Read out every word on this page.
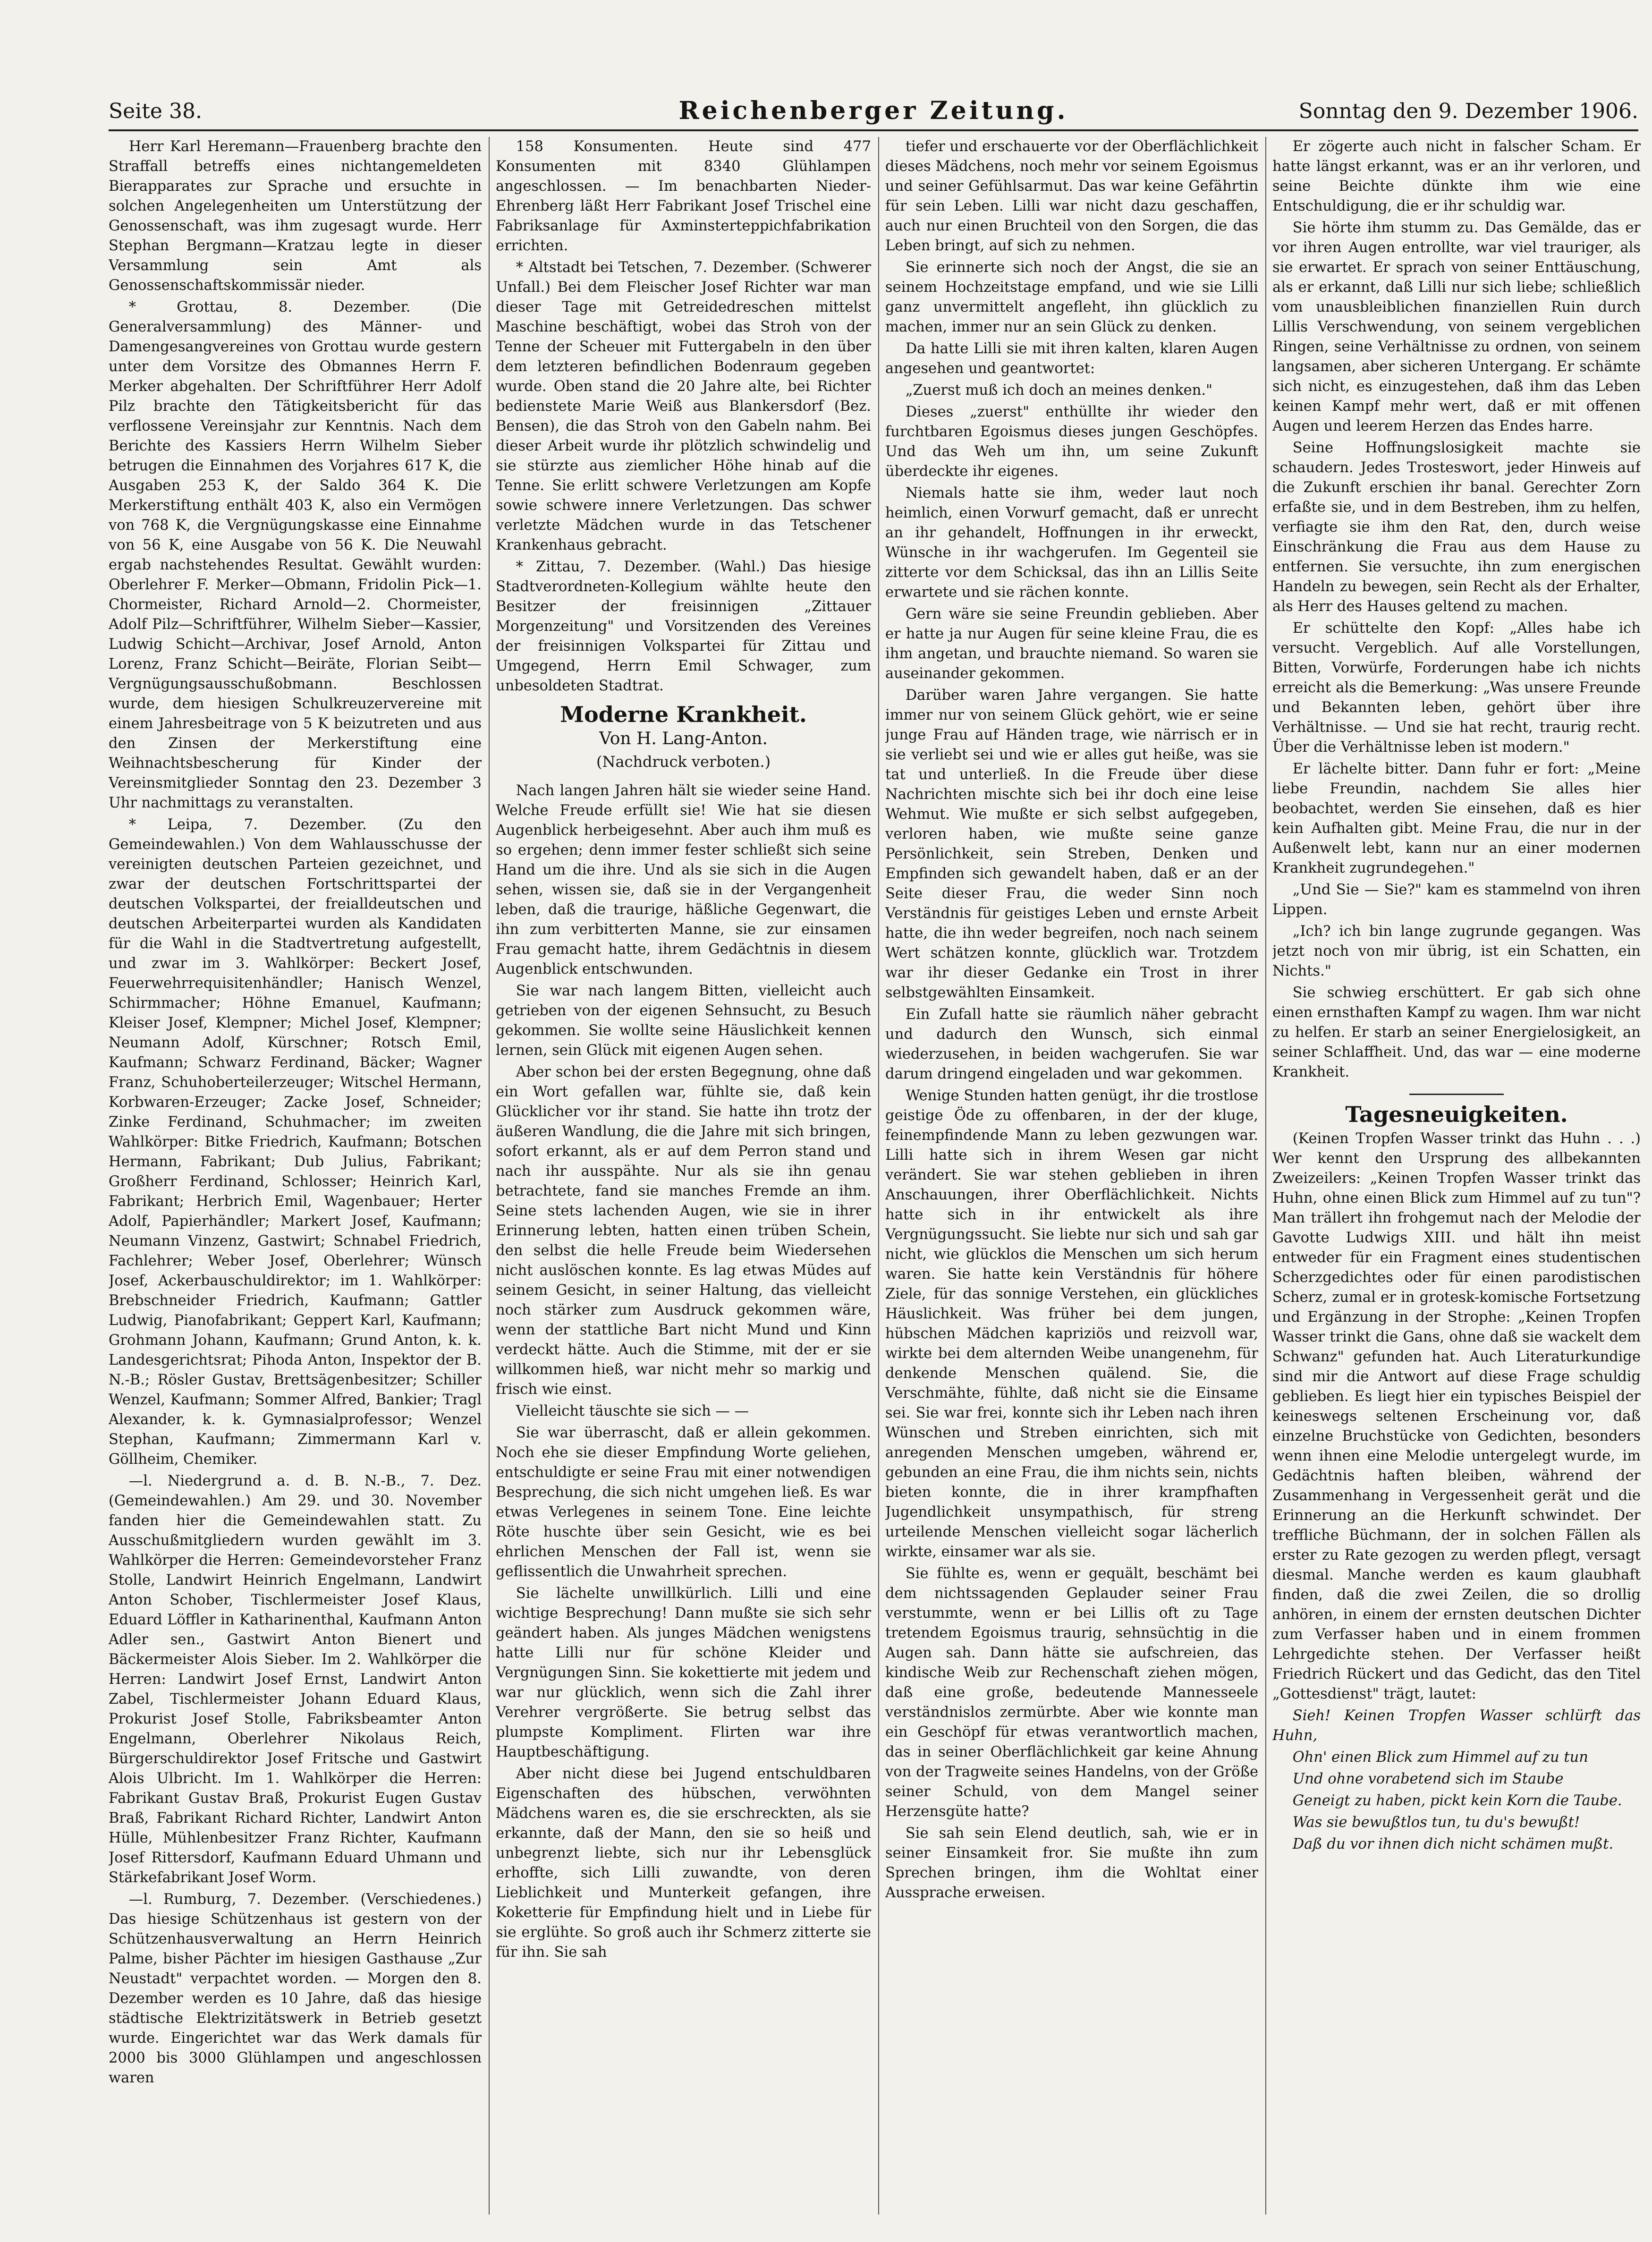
Seite 38.	Reichenberger Zeitung.	Sonntag den 9. Dezember 1906.

Herr Karl Heremann—Frauenberg brachte den Straffall betreffs eines nichtangemeldeten Bierapparates zur Sprache und ersuchte in solchen Angelegenheiten um Unterstützung der Genossenschaft, was ihm zugesagt wurde. Herr Stephan Bergmann—Kratzau legte in dieser Versammlung sein Amt als Genossenschaftskommissär nieder.

* Grottau, 8. Dezember. (Die Generalversammlung) des Männer- und Damengesangvereines von Grottau wurde gestern unter dem Vorsitze des Obmannes Herrn F. Merker abgehalten. Der Schriftführer Herr Adolf Pilz brachte den Tätigkeitsbericht für das verflossene Vereinsjahr zur Kenntnis. Nach dem Berichte des Kassiers Herrn Wilhelm Sieber betrugen die Einnahmen des Vorjahres 617 K, die Ausgaben 253 K, der Saldo 364 K. Die Merkerstiftung enthält 403 K, also ein Vermögen von 768 K, die Vergnügungskasse eine Einnahme von 56 K, eine Ausgabe von 56 K. Die Neuwahl ergab nachstehendes Resultat. Gewählt wurden: Oberlehrer F. Merker—Obmann, Fridolin Pick—1. Chormeister, Richard Arnold—2. Chormeister, Adolf Pilz—Schriftführer, Wilhelm Sieber—Kassier, Ludwig Schicht—Archivar, Josef Arnold, Anton Lorenz, Franz Schicht—Beiräte, Florian Seibt—Vergnügungsausschußobmann. Beschlossen wurde, dem hiesigen Schulkreuzervereine mit einem Jahresbeitrage von 5 K beizutreten und aus den Zinsen der Merkerstiftung eine Weihnachtsbescherung für Kinder der Vereinsmitglieder Sonntag den 23. Dezember 3 Uhr nachmittags zu veranstalten.

* Leipa, 7. Dezember. (Zu den Gemeindewahlen.) Von dem Wahlausschusse der vereinigten deutschen Parteien gezeichnet, und zwar der deutschen Fortschrittspartei der deutschen Volkspartei, der freialldeutschen und deutschen Arbeiterpartei wurden als Kandidaten für die Wahl in die Stadtvertretung aufgestellt, und zwar im 3. Wahlkörper: Beckert Josef, Feuerwehrrequisitenhändler; Hanisch Wenzel, Schirmmacher; Höhne Emanuel, Kaufmann; Kleiser Josef, Klempner; Michel Josef, Klempner; Neumann Adolf, Kürschner; Rotsch Emil, Kaufmann; Schwarz Ferdinand, Bäcker; Wagner Franz, Schuhoberteilerzeuger; Witschel Hermann, Korbwaren-Erzeuger; Zacke Josef, Schneider; Zinke Ferdinand, Schuhmacher; im zweiten Wahlkörper: Bitke Friedrich, Kaufmann; Botschen Hermann, Fabrikant; Dub Julius, Fabrikant; Großherr Ferdinand, Schlosser; Heinrich Karl, Fabrikant; Herbrich Emil, Wagenbauer; Herter Adolf, Papierhändler; Markert Josef, Kaufmann; Neumann Vinzenz, Gastwirt; Schnabel Friedrich, Fachlehrer; Weber Josef, Oberlehrer; Wünsch Josef, Ackerbauschuldirektor; im 1. Wahlkörper: Brebschneider Friedrich, Kaufmann; Gattler Ludwig, Pianofabrikant; Geppert Karl, Kaufmann; Grohmann Johann, Kaufmann; Grund Anton, k. k. Landesgerichtsrat; Pihoda Anton, Inspektor der B. N.-B.; Rösler Gustav, Brettsägenbesitzer; Schiller Wenzel, Kaufmann; Sommer Alfred, Bankier; Tragl Alexander, k. k. Gymnasialprofessor; Wenzel Stephan, Kaufmann; Zimmermann Karl v. Göllheim, Chemiker.

—l. Niedergrund a. d. B. N.-B., 7. Dez. (Gemeindewahlen.) Am 29. und 30. November fanden hier die Gemeindewahlen statt. Zu Ausschußmitgliedern wurden gewählt im 3. Wahlkörper die Herren: Gemeindevorsteher Franz Stolle, Landwirt Heinrich Engelmann, Landwirt Anton Schober, Tischlermeister Josef Klaus, Eduard Löffler in Katharinenthal, Kaufmann Anton Adler sen., Gastwirt Anton Bienert und Bäckermeister Alois Sieber. Im 2. Wahlkörper die Herren: Landwirt Josef Ernst, Landwirt Anton Zabel, Tischlermeister Johann Eduard Klaus, Prokurist Josef Stolle, Fabriksbeamter Anton Engelmann, Oberlehrer Nikolaus Reich, Bürgerschuldirektor Josef Fritsche und Gastwirt Alois Ulbricht. Im 1. Wahlkörper die Herren: Fabrikant Gustav Braß, Prokurist Eugen Gustav Braß, Fabrikant Richard Richter, Landwirt Anton Hülle, Mühlenbesitzer Franz Richter, Kaufmann Josef Rittersdorf, Kaufmann Eduard Uhmann und Stärkefabrikant Josef Worm.

—l. Rumburg, 7. Dezember. (Verschiedenes.) Das hiesige Schützenhaus ist gestern von der Schützenhausverwaltung an Herrn Heinrich Palme, bisher Pächter im hiesigen Gasthause „Zur Neustadt" verpachtet worden. — Morgen den 8. Dezember werden es 10 Jahre, daß das hiesige städtische Elektrizitätswerk in Betrieb gesetzt wurde. Eingerichtet war das Werk damals für 2000 bis 3000 Glühlampen und angeschlossen waren

158 Konsumenten. Heute sind 477 Konsumenten mit 8340 Glühlampen angeschlossen. — Im benachbarten Nieder-Ehrenberg läßt Herr Fabrikant Josef Trischel eine Fabriksanlage für Axminsterteppichfabrikation errichten.

* Altstadt bei Tetschen, 7. Dezember. (Schwerer Unfall.) Bei dem Fleischer Josef Richter war man dieser Tage mit Getreidedreschen mittelst Maschine beschäftigt, wobei das Stroh von der Tenne der Scheuer mit Futtergabeln in den über dem letzteren befindlichen Bodenraum gegeben wurde. Oben stand die 20 Jahre alte, bei Richter bedienstete Marie Weiß aus Blankersdorf (Bez. Bensen), die das Stroh von den Gabeln nahm. Bei dieser Arbeit wurde ihr plötzlich schwindelig und sie stürzte aus ziemlicher Höhe hinab auf die Tenne. Sie erlitt schwere Verletzungen am Kopfe sowie schwere innere Verletzungen. Das schwer verletzte Mädchen wurde in das Tetschener Krankenhaus gebracht.

* Zittau, 7. Dezember. (Wahl.) Das hiesige Stadtverordneten-Kollegium wählte heute den Besitzer der freisinnigen „Zittauer Morgenzeitung" und Vorsitzenden des Vereines der freisinnigen Volkspartei für Zittau und Umgegend, Herrn Emil Schwager, zum unbesoldeten Stadtrat.

Moderne Krankheit.
Von H. Lang-Anton.
(Nachdruck verboten.)

Nach langen Jahren hält sie wieder seine Hand. Welche Freude erfüllt sie! Wie hat sie diesen Augenblick herbeigesehnt. Aber auch ihm muß es so ergehen; denn immer fester schließt sich seine Hand um die ihre. Und als sie sich in die Augen sehen, wissen sie, daß sie in der Vergangenheit leben, daß die traurige, häßliche Gegenwart, die ihn zum verbitterten Manne, sie zur einsamen Frau gemacht hatte, ihrem Gedächtnis in diesem Augenblick entschwunden.

Sie war nach langem Bitten, vielleicht auch getrieben von der eigenen Sehnsucht, zu Besuch gekommen. Sie wollte seine Häuslichkeit kennen lernen, sein Glück mit eigenen Augen sehen.

Aber schon bei der ersten Begegnung, ohne daß ein Wort gefallen war, fühlte sie, daß kein Glücklicher vor ihr stand. Sie hatte ihn trotz der äußeren Wandlung, die die Jahre mit sich bringen, sofort erkannt, als er auf dem Perron stand und nach ihr ausspähte. Nur als sie ihn genau betrachtete, fand sie manches Fremde an ihm. Seine stets lachenden Augen, wie sie in ihrer Erinnerung lebten, hatten einen trüben Schein, den selbst die helle Freude beim Wiedersehen nicht auslöschen konnte. Es lag etwas Müdes auf seinem Gesicht, in seiner Haltung, das vielleicht noch stärker zum Ausdruck gekommen wäre, wenn der stattliche Bart nicht Mund und Kinn verdeckt hätte. Auch die Stimme, mit der er sie willkommen hieß, war nicht mehr so markig und frisch wie einst.

Vielleicht täuschte sie sich — —

Sie war überrascht, daß er allein gekommen. Noch ehe sie dieser Empfindung Worte geliehen, entschuldigte er seine Frau mit einer notwendigen Besprechung, die sich nicht umgehen ließ. Es war etwas Verlegenes in seinem Tone. Eine leichte Röte huschte über sein Gesicht, wie es bei ehrlichen Menschen der Fall ist, wenn sie geflissentlich die Unwahrheit sprechen.

Sie lächelte unwillkürlich. Lilli und eine wichtige Besprechung! Dann mußte sie sich sehr geändert haben. Als junges Mädchen wenigstens hatte Lilli nur für schöne Kleider und Vergnügungen Sinn. Sie kokettierte mit jedem und war nur glücklich, wenn sich die Zahl ihrer Verehrer vergrößerte. Sie betrug selbst das plumpste Kompliment. Flirten war ihre Hauptbeschäftigung.

Aber nicht diese bei Jugend entschuldbaren Eigenschaften des hübschen, verwöhnten Mädchens waren es, die sie erschreckten, als sie erkannte, daß der Mann, den sie so heiß und unbegrenzt liebte, sich nur ihr Lebensglück erhoffte, sich Lilli zuwandte, von deren Lieblichkeit und Munterkeit gefangen, ihre Koketterie für Empfindung hielt und in Liebe für sie erglühte. So groß auch ihr Schmerz zitterte sie für ihn. Sie sah

tiefer und erschauerte vor der Oberflächlichkeit dieses Mädchens, noch mehr vor seinem Egoismus und seiner Gefühlsarmut. Das war keine Gefährtin für sein Leben. Lilli war nicht dazu geschaffen, auch nur einen Bruchteil von den Sorgen, die das Leben bringt, auf sich zu nehmen.

Sie erinnerte sich noch der Angst, die sie an seinem Hochzeitstage empfand, und wie sie Lilli ganz unvermittelt angefleht, ihn glücklich zu machen, immer nur an sein Glück zu denken.

Da hatte Lilli sie mit ihren kalten, klaren Augen angesehen und geantwortet:

„Zuerst muß ich doch an meines denken."

Dieses „zuerst" enthüllte ihr wieder den furchtbaren Egoismus dieses jungen Geschöpfes. Und das Weh um ihn, um seine Zukunft überdeckte ihr eigenes.

Niemals hatte sie ihm, weder laut noch heimlich, einen Vorwurf gemacht, daß er unrecht an ihr gehandelt, Hoffnungen in ihr erweckt, Wünsche in ihr wachgerufen. Im Gegenteil sie zitterte vor dem Schicksal, das ihn an Lillis Seite erwartete und sie rächen konnte.

Gern wäre sie seine Freundin geblieben. Aber er hatte ja nur Augen für seine kleine Frau, die es ihm angetan, und brauchte niemand. So waren sie auseinander gekommen.

Darüber waren Jahre vergangen. Sie hatte immer nur von seinem Glück gehört, wie er seine junge Frau auf Händen trage, wie närrisch er in sie verliebt sei und wie er alles gut heiße, was sie tat und unterließ. In die Freude über diese Nachrichten mischte sich bei ihr doch eine leise Wehmut. Wie mußte er sich selbst aufgegeben, verloren haben, wie mußte seine ganze Persönlichkeit, sein Streben, Denken und Empfinden sich gewandelt haben, daß er an der Seite dieser Frau, die weder Sinn noch Verständnis für geistiges Leben und ernste Arbeit hatte, die ihn weder begreifen, noch nach seinem Wert schätzen konnte, glücklich war. Trotzdem war ihr dieser Gedanke ein Trost in ihrer selbstgewählten Einsamkeit.

Ein Zufall hatte sie räumlich näher gebracht und dadurch den Wunsch, sich einmal wiederzusehen, in beiden wachgerufen. Sie war darum dringend eingeladen und war gekommen.

Wenige Stunden hatten genügt, ihr die trostlose geistige Öde zu offenbaren, in der der kluge, feinempfindende Mann zu leben gezwungen war. Lilli hatte sich in ihrem Wesen gar nicht verändert. Sie war stehen geblieben in ihren Anschauungen, ihrer Oberflächlichkeit. Nichts hatte sich in ihr entwickelt als ihre Vergnügungssucht. Sie liebte nur sich und sah gar nicht, wie glücklos die Menschen um sich herum waren. Sie hatte kein Verständnis für höhere Ziele, für das sonnige Verstehen, ein glückliches Häuslichkeit. Was früher bei dem jungen, hübschen Mädchen kapriziös und reizvoll war, wirkte bei dem alternden Weibe unangenehm, für denkende Menschen quälend. Sie, die Verschmähte, fühlte, daß nicht sie die Einsame sei. Sie war frei, konnte sich ihr Leben nach ihren Wünschen und Streben einrichten, sich mit anregenden Menschen umgeben, während er, gebunden an eine Frau, die ihm nichts sein, nichts bieten konnte, die in ihrer krampfhaften Jugendlichkeit unsympathisch, für streng urteilende Menschen vielleicht sogar lächerlich wirkte, einsamer war als sie.

Sie fühlte es, wenn er gequält, beschämt bei dem nichtssagenden Geplauder seiner Frau verstummte, wenn er bei Lillis oft zu Tage tretendem Egoismus traurig, sehnsüchtig in die Augen sah. Dann hätte sie aufschreien, das kindische Weib zur Rechenschaft ziehen mögen, daß eine große, bedeutende Mannesseele verständnislos zermürbte. Aber wie konnte man ein Geschöpf für etwas verantwortlich machen, das in seiner Oberflächlichkeit gar keine Ahnung von der Tragweite seines Handelns, von der Größe seiner Schuld, von dem Mangel seiner Herzensgüte hatte?

Sie sah sein Elend deutlich, sah, wie er in seiner Einsamkeit fror. Sie mußte ihn zum Sprechen bringen, ihm die Wohltat einer Aussprache erweisen.

Er zögerte auch nicht in falscher Scham. Er hatte längst erkannt, was er an ihr verloren, und seine Beichte dünkte ihm wie eine Entschuldigung, die er ihr schuldig war.

Sie hörte ihm stumm zu. Das Gemälde, das er vor ihren Augen entrollte, war viel trauriger, als sie erwartet. Er sprach von seiner Enttäuschung, als er erkannt, daß Lilli nur sich liebe; schließlich vom unausbleiblichen finanziellen Ruin durch Lillis Verschwendung, von seinem vergeblichen Ringen, seine Verhältnisse zu ordnen, von seinem langsamen, aber sicheren Untergang. Er schämte sich nicht, es einzugestehen, daß ihm das Leben keinen Kampf mehr wert, daß er mit offenen Augen und leerem Herzen das Endes harre.

Seine Hoffnungslosigkeit machte sie schaudern. Jedes Trosteswort, jeder Hinweis auf die Zukunft erschien ihr banal. Gerechter Zorn erfaßte sie, und in dem Bestreben, ihm zu helfen, verfiagte sie ihm den Rat, den, durch weise Einschränkung die Frau aus dem Hause zu entfernen. Sie versuchte, ihn zum energischen Handeln zu bewegen, sein Recht als der Erhalter, als Herr des Hauses geltend zu machen.

Er schüttelte den Kopf: „Alles habe ich versucht. Vergeblich. Auf alle Vorstellungen, Bitten, Vorwürfe, Forderungen habe ich nichts erreicht als die Bemerkung: „Was unsere Freunde und Bekannten leben, gehört über ihre Verhältnisse. — Und sie hat recht, traurig recht. Über die Verhältnisse leben ist modern."

Er lächelte bitter. Dann fuhr er fort: „Meine liebe Freundin, nachdem Sie alles hier beobachtet, werden Sie einsehen, daß es hier kein Aufhalten gibt. Meine Frau, die nur in der Außenwelt lebt, kann nur an einer modernen Krankheit zugrundegehen."

„Und Sie — Sie?" kam es stammelnd von ihren Lippen.

„Ich? ich bin lange zugrunde gegangen. Was jetzt noch von mir übrig, ist ein Schatten, ein Nichts."

Sie schwieg erschüttert. Er gab sich ohne einen ernsthaften Kampf zu wagen. Ihm war nicht zu helfen. Er starb an seiner Energielosigkeit, an seiner Schlaffheit. Und, das war — eine moderne Krankheit.

Tagesneuigkeiten.

(Keinen Tropfen Wasser trinkt das Huhn . . .) Wer kennt den Ursprung des allbekannten Zweizeilers: „Keinen Tropfen Wasser trinkt das Huhn, ohne einen Blick zum Himmel auf zu tun"? Man trällert ihn frohgemut nach der Melodie der Gavotte Ludwigs XIII. und hält ihn meist entweder für ein Fragment eines studentischen Scherzgedichtes oder für einen parodistischen Scherz, zumal er in grotesk-komische Fortsetzung und Ergänzung in der Strophe: „Keinen Tropfen Wasser trinkt die Gans, ohne daß sie wackelt dem Schwanz" gefunden hat. Auch Literaturkundige sind mir die Antwort auf diese Frage schuldig geblieben. Es liegt hier ein typisches Beispiel der keineswegs seltenen Erscheinung vor, daß einzelne Bruchstücke von Gedichten, besonders wenn ihnen eine Melodie untergelegt wurde, im Gedächtnis haften bleiben, während der Zusammenhang in Vergessenheit gerät und die Erinnerung an die Herkunft schwindet. Der treffliche Büchmann, der in solchen Fällen als erster zu Rate gezogen zu werden pflegt, versagt diesmal. Manche werden es kaum glaubhaft finden, daß die zwei Zeilen, die so drollig anhören, in einem der ernsten deutschen Dichter zum Verfasser haben und in einem frommen Lehrgedichte stehen. Der Verfasser heißt Friedrich Rückert und das Gedicht, das den Titel „Gottesdienst" trägt, lautet:

Sieh! Keinen Tropfen Wasser schlürft das Huhn,

Ohn' einen Blick zum Himmel auf zu tun

Und ohne vorabetend sich im Staube

Geneigt zu haben, pickt kein Korn die Taube.

Was sie bewußtlos tun, tu du's bewußt!

Daß du vor ihnen dich nicht schämen mußt.
